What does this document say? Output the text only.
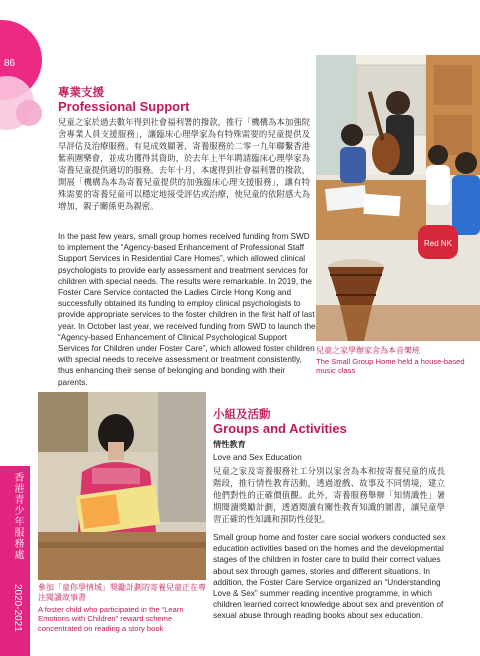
86
專業支援
Professional Support
兒童之家於過去數年得到社會福利署的撥款，推行「機構為本加強院舍專業人員支援服務」，讓臨床心理學家為有特殊需要的兒童提供及早評估及治療服務。有見成效顯著，寄養服務於二零一九年聯繫香港紫荊圍樂會，並成功獲得其資助，於去年上半年聘請臨床心理學家為寄養兒童提供適切的服務。去年十月，本處得到社會福利署的撥款，開展「機構為本為寄養兒童提供的加強臨床心理支援服務」，讓有特殊需要的寄養兒童可以穩定地接受評估或治療，使兒童的依附感大為增加，親子關係更為親密。
In the past few years, small group homes received funding from SWD to implement the “Agency-based Enhancement of Professional Staff Support Services in Residential Care Homes”, which allowed clinical psychologists to provide early assessment and treatment services for children with special needs. The results were remarkable. In 2019, the Foster Care Service contacted the Ladies Circle Hong Kong and successfully obtained its funding to employ clinical psychologists to provide appropriate services to the foster children in the first half of last year. In October last year, we received funding from SWD to launch the “Agency-based Enhancement of Clinical Psychological Support Services for Children under Foster Care”, which allowed foster children with special needs to receive assessment or treatment consistently, thus enhancing their sense of belonging and bonding with their parents.
Red NK
兒童之家學辦家舍為本音樂班
The Small Group Home held a house-based music class
參加「童你學情域」獎勵計劃的寄養兒童正在專注閱讀故事書
A foster child who participated in the “Learn Emotions with Children” reward scheme concentrated on reading a story book
小組及活動
Groups and Activities
情性教育
Love and Sex Education
兒童之家及寄養服務社工分別以家舍為本和按寄養兒童的成長階段，推行情性教育活動，透過遊戲、故事及不同情境，建立他們對性的正確價值觀。此外，寄養服務舉辦「知情識性」暑期閱讀獎勵計劃，透過閱讀有關性教育知識的圖書，讓兒童學習正確的性知識和預防性侵犯。
Small group home and foster care social workers conducted sex education activities based on the homes and the developmental stages of the children in foster care to build their correct values about sex through games, stories and different situations. In addition, the Foster Care Service organized an “Understanding Love & Sex” summer reading incentive programme, in which children learned correct knowledge about sex and prevention of sexual abuse through reading books about sex education.
香港青少年服務處
2020-2021
